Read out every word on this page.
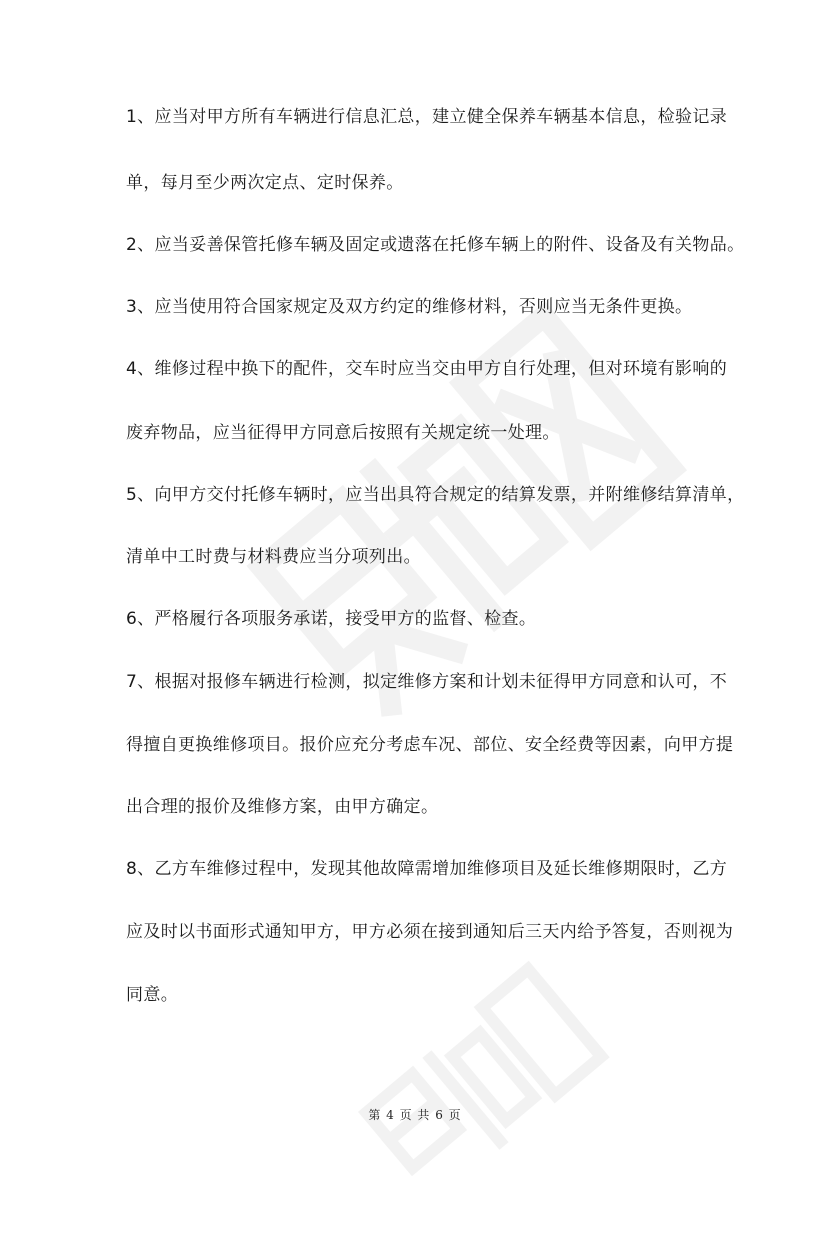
1、应当对甲方所有车辆进行信息汇总，建立健全保养车辆基本信息，检验记录
单，每月至少两次定点、定时保养。
2、应当妥善保管托修车辆及固定或遗落在托修车辆上的附件、设备及有关物品。
3、应当使用符合国家规定及双方约定的维修材料，否则应当无条件更换。
4、维修过程中换下的配件，交车时应当交由甲方自行处理，但对环境有影响的
废弃物品，应当征得甲方同意后按照有关规定统一处理。
5、向甲方交付托修车辆时，应当出具符合规定的结算发票，并附维修结算清单，
清单中工时费与材料费应当分项列出。
6、严格履行各项服务承诺，接受甲方的监督、检查。
7、根据对报修车辆进行检测，拟定维修方案和计划未征得甲方同意和认可，不
得擅自更换维修项目。报价应充分考虑车况、部位、安全经费等因素，向甲方提
出合理的报价及维修方案，由甲方确定。
8、乙方车维修过程中，发现其他故障需增加维修项目及延长维修期限时，乙方
应及时以书面形式通知甲方，甲方必须在接到通知后三天内给予答复，否则视为
同意。
第 4 页 共 6 页
